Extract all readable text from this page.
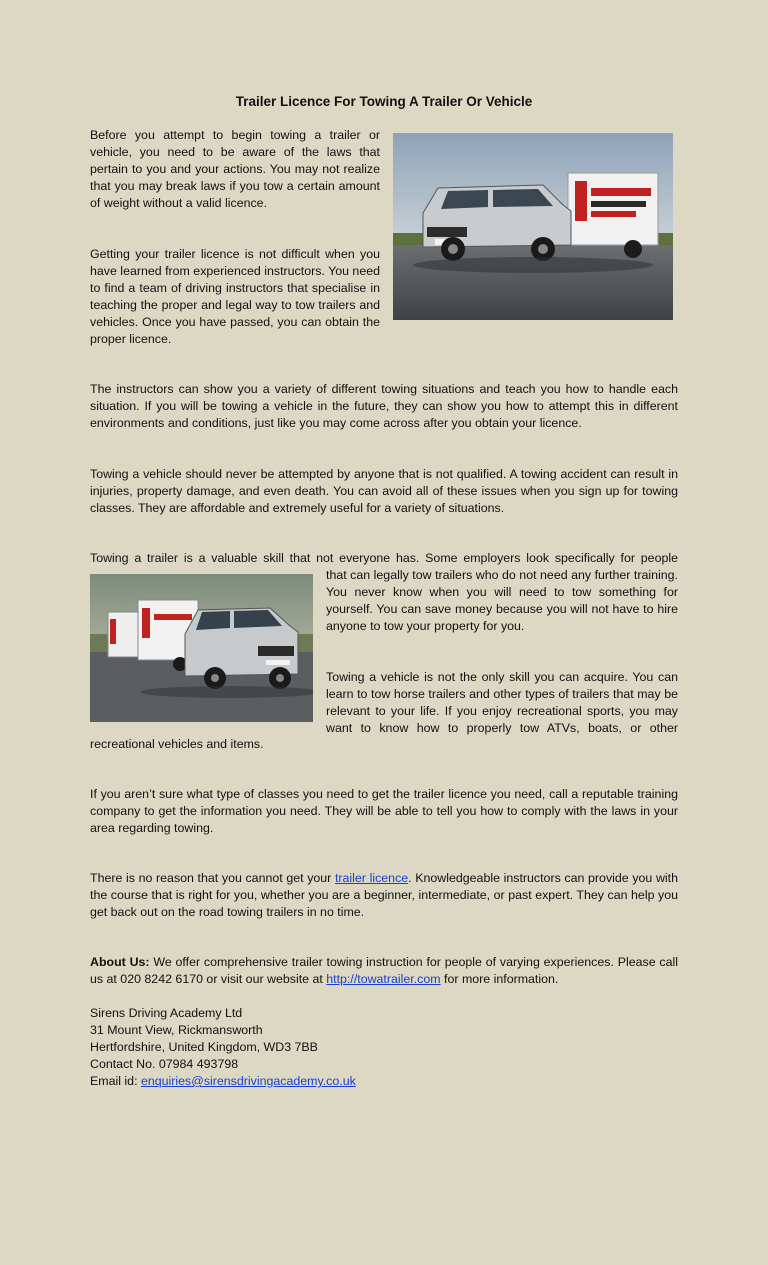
Trailer Licence For Towing A Trailer Or Vehicle

Before you attempt to begin towing a trailer or vehicle, you need to be aware of the laws that pertain to you and your actions. You may not realize that you may break laws if you tow a certain amount of weight without a valid licence.

Getting your trailer licence is not difficult when you have learned from experienced instructors. You need to find a team of driving instructors that specialise in teaching the proper and legal way to tow trailers and vehicles. Once you have passed, you can obtain the proper licence.

The instructors can show you a variety of different towing situations and teach you how to handle each situation. If you will be towing a vehicle in the future, they can show you how to attempt this in different environments and conditions, just like you may come across after you obtain your licence.

Towing a vehicle should never be attempted by anyone that is not qualified. A towing accident can result in injuries, property damage, and even death. You can avoid all of these issues when you sign up for towing classes. They are affordable and extremely useful for a variety of situations.

Towing a trailer is a valuable skill that not everyone has. Some employers look specifically for people

that can legally tow trailers who do not need any further training. You never know when you will need to tow something for yourself. You can save money because you will not have to hire anyone to tow your property for you.

Towing a vehicle is not the only skill you can acquire. You can learn to tow horse trailers and other types of trailers that may be relevant to your life. If you enjoy recreational sports, you may want to know how to properly tow ATVs, boats, or other

recreational vehicles and items.

If you aren’t sure what type of classes you need to get the trailer licence you need, call a reputable training company to get the information you need. They will be able to tell you how to comply with the laws in your area regarding towing.

There is no reason that you cannot get your trailer licence. Knowledgeable instructors can provide you with the course that is right for you, whether you are a beginner, intermediate, or past expert. They can help you get back out on the road towing trailers in no time.

About Us: We offer comprehensive trailer towing instruction for people of varying experiences. Please call us at 020 8242 6170 or visit our website at http://towatrailer.com for more information.

Sirens Driving Academy Ltd
31 Mount View, Rickmansworth
Hertfordshire, United Kingdom, WD3 7BB
Contact No. 07984 493798
Email id: enquiries@sirensdrivingacademy.co.uk
